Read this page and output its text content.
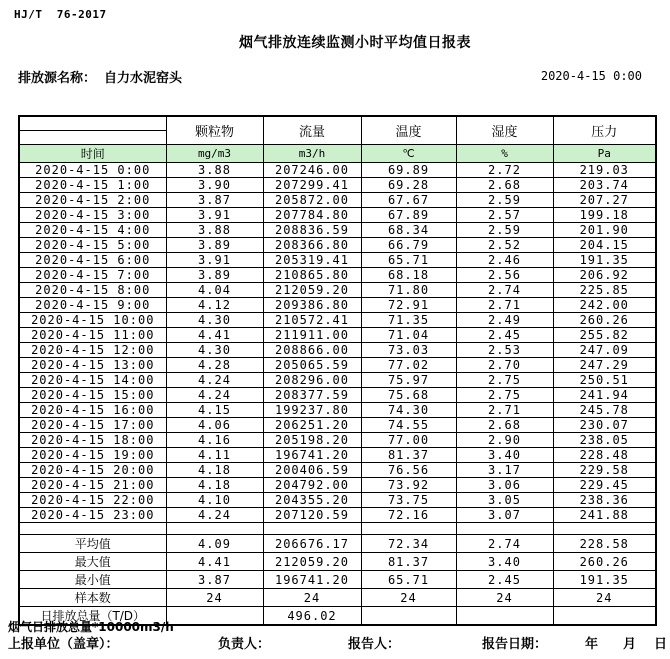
HJ/T  76-2017
烟气排放连续监测小时平均值日报表
排放源名称： 自力水泥窑头	2020-4-15 0:00
	颗粒物	流量	温度	湿度	压力
时间	mg/m3	m3/h	℃	%	Pa
2020-4-15 0:00	3.88	207246.00	69.89	2.72	219.03
2020-4-15 1:00	3.90	207299.41	69.28	2.68	203.74
2020-4-15 2:00	3.87	205872.00	67.67	2.59	207.27
2020-4-15 3:00	3.91	207784.80	67.89	2.57	199.18
2020-4-15 4:00	3.88	208836.59	68.34	2.59	201.90
2020-4-15 5:00	3.89	208366.80	66.79	2.52	204.15
2020-4-15 6:00	3.91	205319.41	65.71	2.46	191.35
2020-4-15 7:00	3.89	210865.80	68.18	2.56	206.92
2020-4-15 8:00	4.04	212059.20	71.80	2.74	225.85
2020-4-15 9:00	4.12	209386.80	72.91	2.71	242.00
2020-4-15 10:00	4.30	210572.41	71.35	2.49	260.26
2020-4-15 11:00	4.41	211911.00	71.04	2.45	255.82
2020-4-15 12:00	4.30	208866.00	73.03	2.53	247.09
2020-4-15 13:00	4.28	205065.59	77.02	2.70	247.29
2020-4-15 14:00	4.24	208296.00	75.97	2.75	250.51
2020-4-15 15:00	4.24	208377.59	75.68	2.75	241.94
2020-4-15 16:00	4.15	199237.80	74.30	2.71	245.78
2020-4-15 17:00	4.06	206251.20	74.55	2.68	230.07
2020-4-15 18:00	4.16	205198.20	77.00	2.90	238.05
2020-4-15 19:00	4.11	196741.20	81.37	3.40	228.48
2020-4-15 20:00	4.18	200406.59	76.56	3.17	229.58
2020-4-15 21:00	4.18	204792.00	73.92	3.06	229.45
2020-4-15 22:00	4.10	204355.20	73.75	3.05	238.36
2020-4-15 23:00	4.24	207120.59	72.16	3.07	241.88

平均值	4.09	206676.17	72.34	2.74	228.58
最大值	4.41	212059.20	81.37	3.40	260.26
最小值	3.87	196741.20	65.71	2.45	191.35
样本数	24	24	24	24	24
日排放总量（T/D）		496.02			
烟气日排放总量*10000m3/h
上报单位（盖章）：	负责人：	报告人：	报告日期：	年 月 日
